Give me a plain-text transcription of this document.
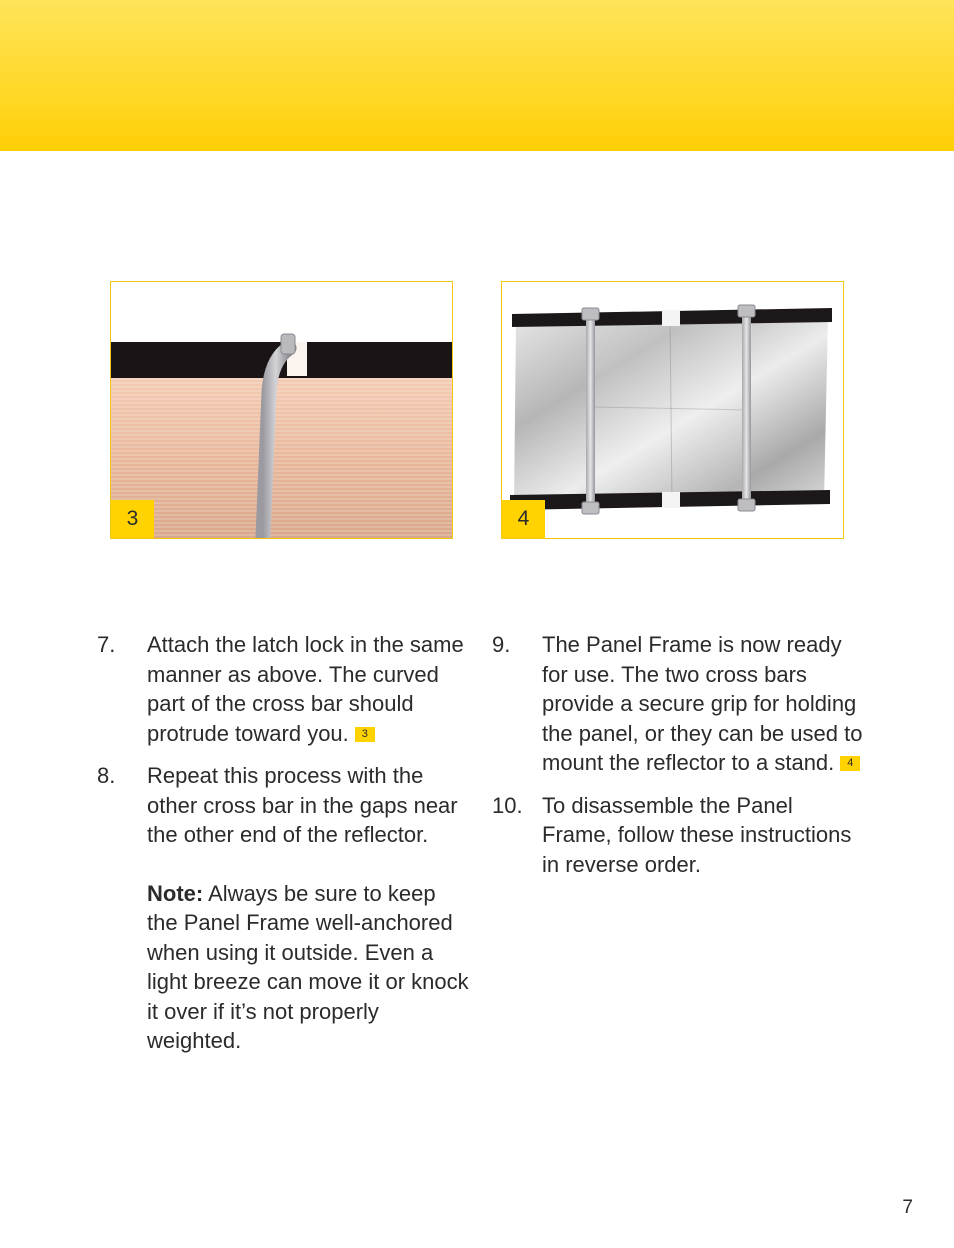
3	4
7. Attach the latch lock in the same manner as above. The curved part of the cross bar should protrude toward you. 3
8. Repeat this process with the other cross bar in the gaps near the other end of the reflector.
Note: Always be sure to keep the Panel Frame well-anchored when using it outside. Even a light breeze can move it or knock it over if it’s not properly weighted.
9. The Panel Frame is now ready for use. The two cross bars provide a secure grip for holding the panel, or they can be used to mount the reflector to a stand. 4
10. To disassemble the Panel Frame, follow these instructions in reverse order.
7
